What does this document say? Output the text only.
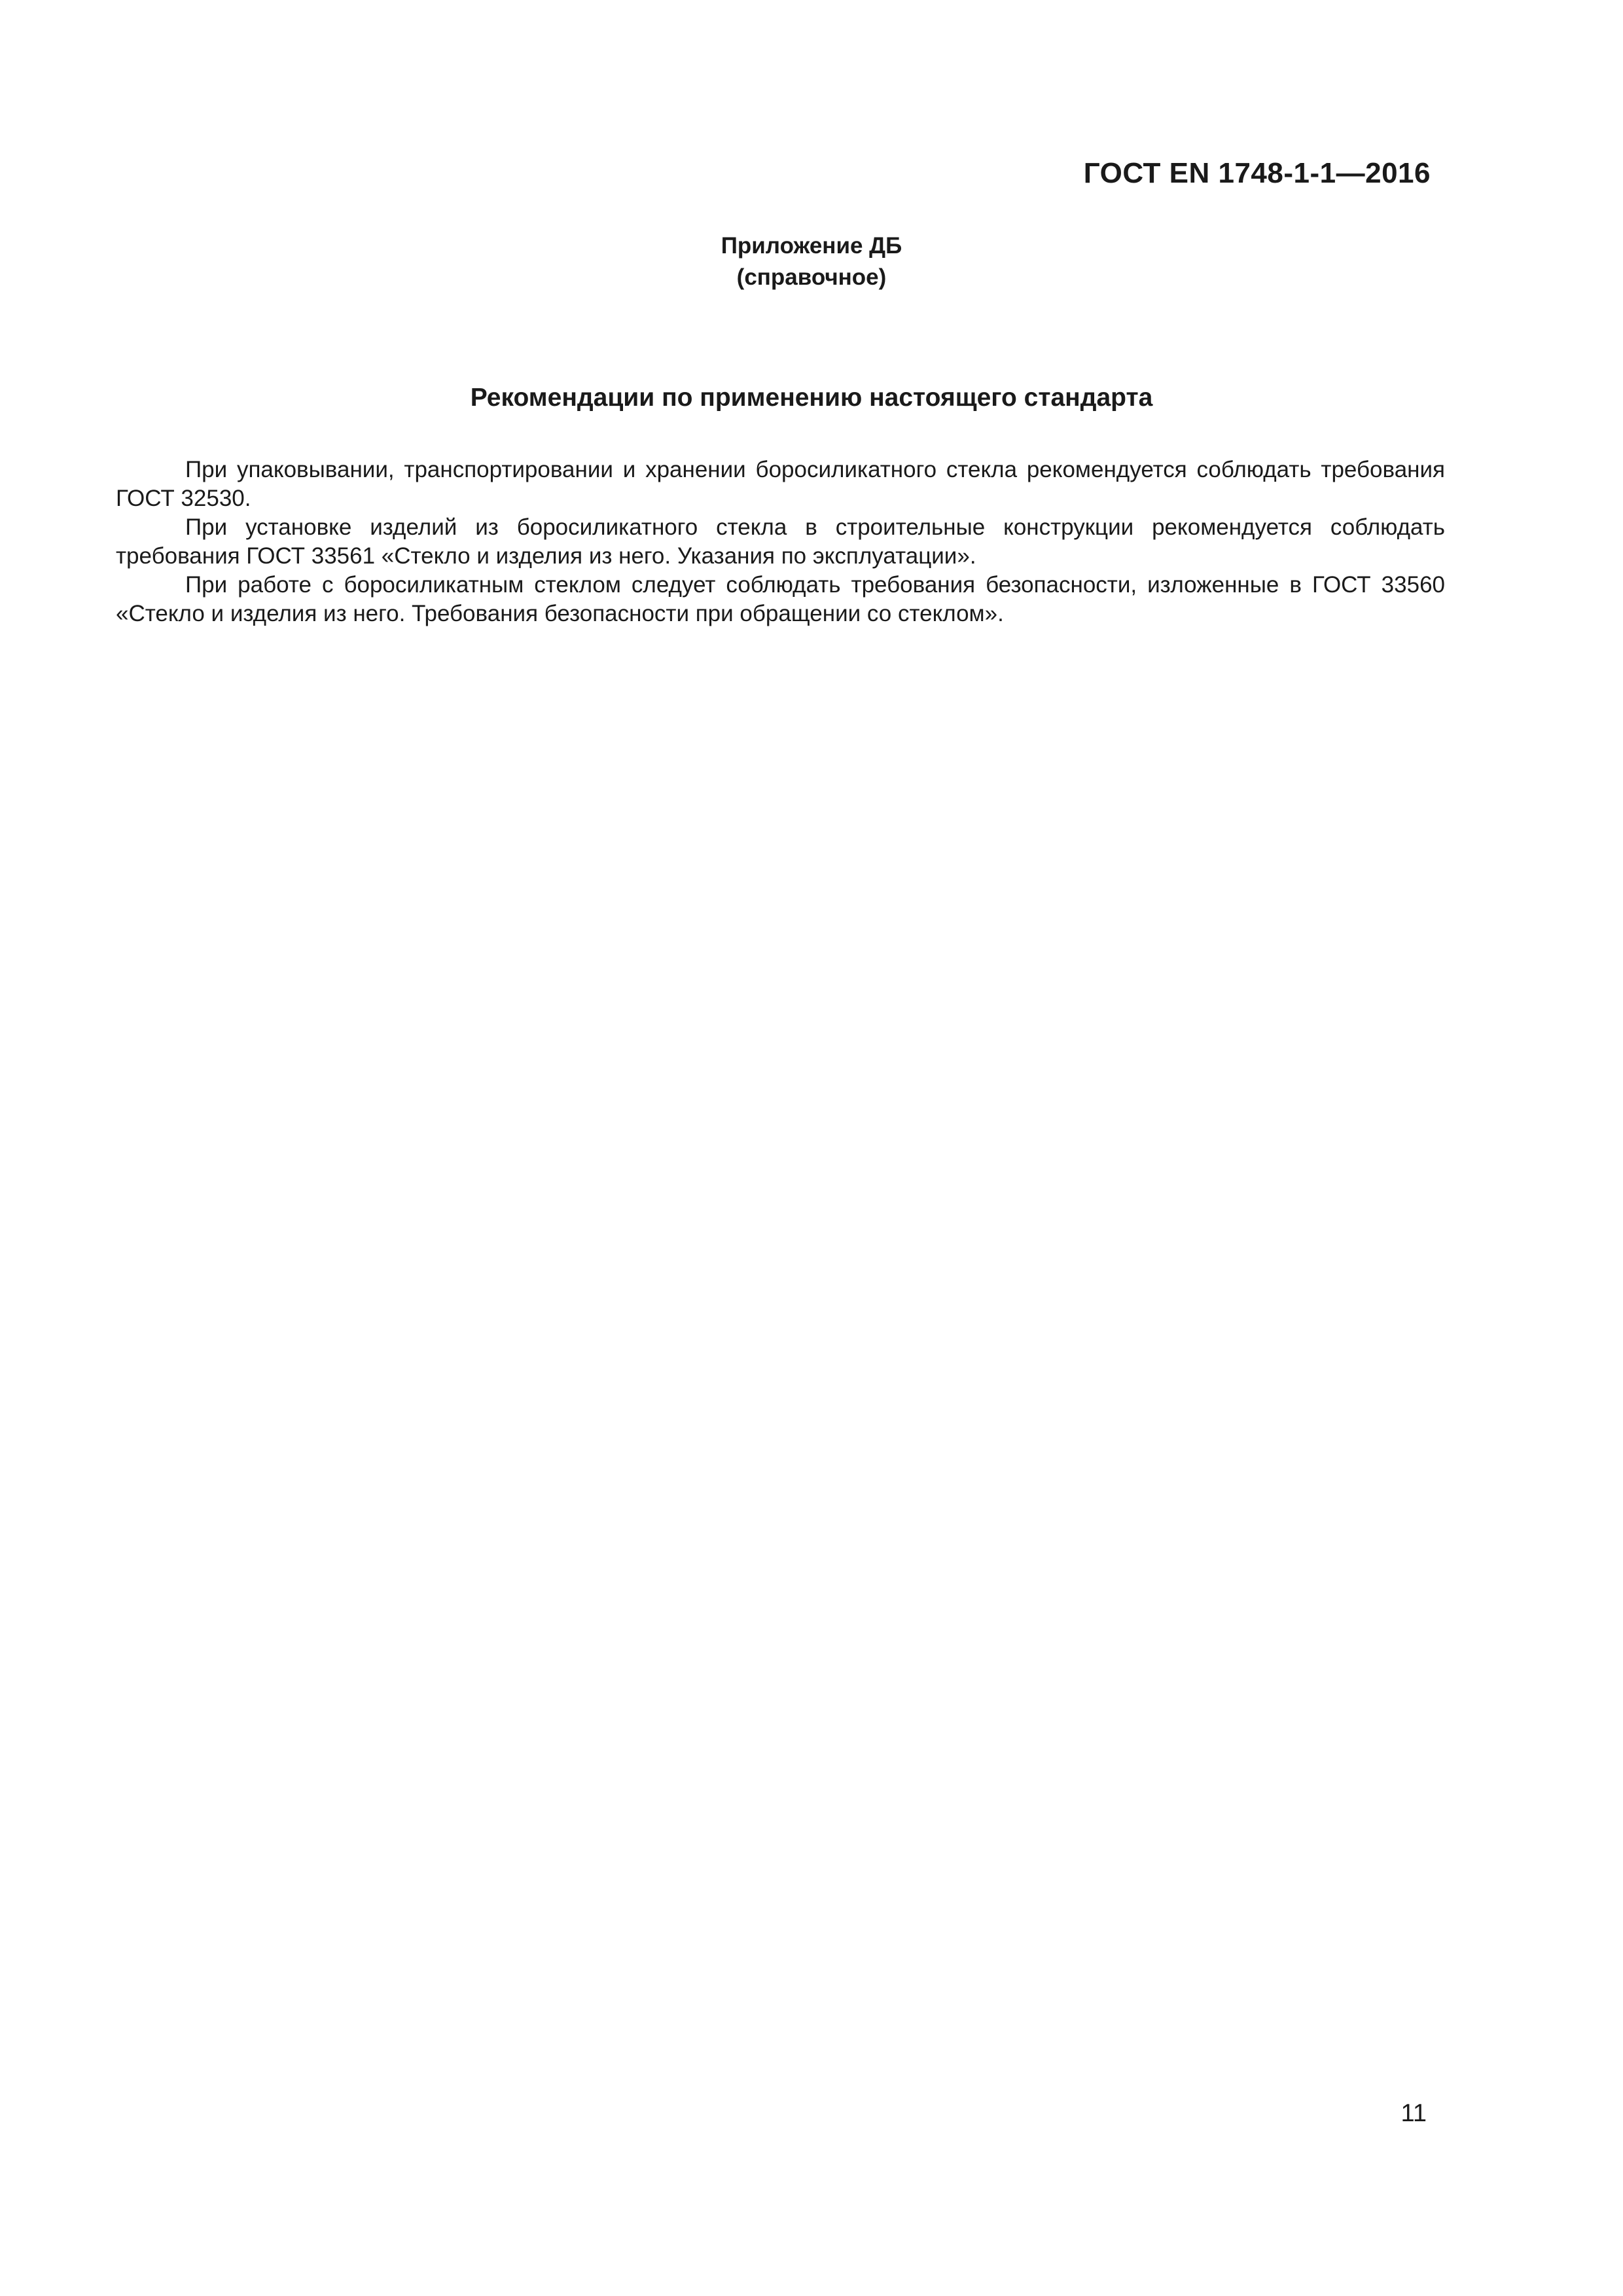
ГОСТ EN 1748-1-1—2016
Приложение ДБ
(справочное)
Рекомендации по применению настоящего стандарта

При упаковывании, транспортировании и хранении боросиликатного стекла рекомендуется соблюдать требования ГОСТ 32530.

При установке изделий из боросиликатного стекла в строительные конструкции рекомендуется соблюдать требования ГОСТ 33561 «Стекло и изделия из него. Указания по эксплуатации».

При работе с боросиликатным стеклом следует соблюдать требования безопасности, изложенные в ГОСТ 33560 «Стекло и изделия из него. Требования безопасности при обращении со стеклом».

11
